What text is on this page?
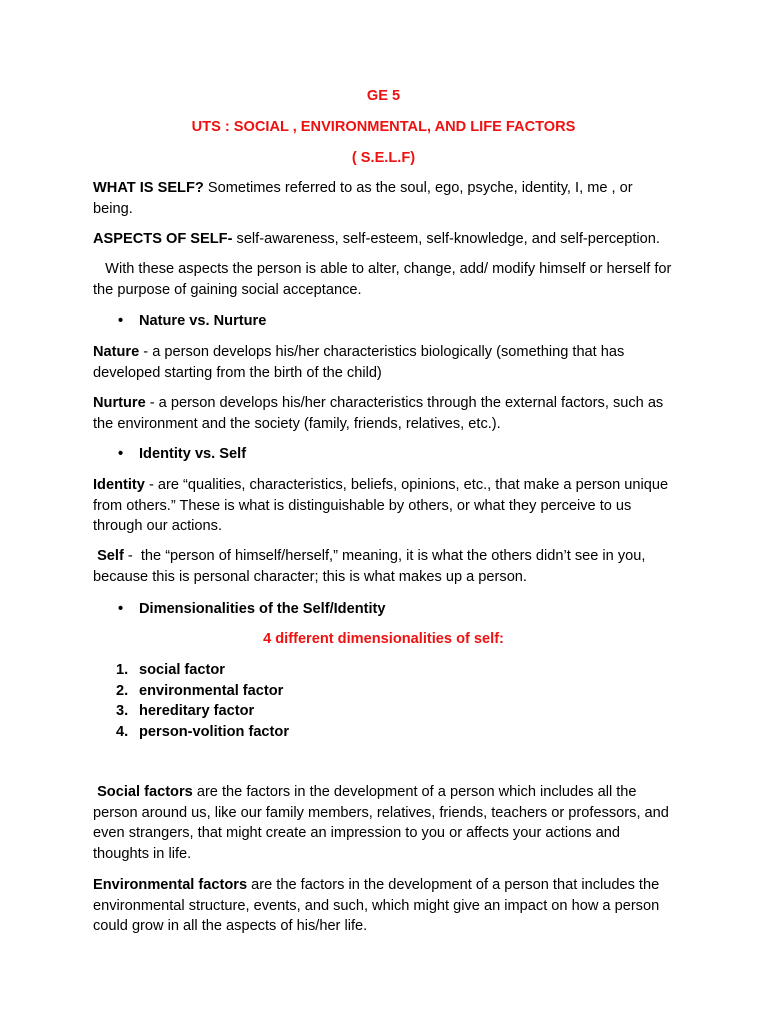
GE 5
UTS : SOCIAL , ENVIRONMENTAL, AND LIFE FACTORS
( S.E.L.F)

WHAT IS SELF? Sometimes referred to as the soul, ego, psyche, identity, I, me , or being.

ASPECTS OF SELF- self-awareness, self-esteem, self-knowledge, and self-perception.

With these aspects the person is able to alter, change, add/ modify himself or herself for the purpose of gaining social acceptance.

• Nature vs. Nurture

Nature - a person develops his/her characteristics biologically (something that has developed starting from the birth of the child)

Nurture - a person develops his/her characteristics through the external factors, such as the environment and the society (family, friends, relatives, etc.).

• Identity vs. Self

Identity - are “qualities, characteristics, beliefs, opinions, etc., that make a person unique from others.” These is what is distinguishable by others, or what they perceive to us through our actions.

Self -  the “person of himself/herself,” meaning, it is what the others didn’t see in you, because this is personal character; this is what makes up a person.

• Dimensionalities of the Self/Identity
4 different dimensionalities of self:
1. social factor
2. environmental factor
3. hereditary factor
4. person-volition factor

Social factors are the factors in the development of a person which includes all the person around us, like our family members, relatives, friends, teachers or professors, and even strangers, that might create an impression to you or affects your actions and thoughts in life.

Environmental factors are the factors in the development of a person that includes the environmental structure, events, and such, which might give an impact on how a person could grow in all the aspects of his/her life.
